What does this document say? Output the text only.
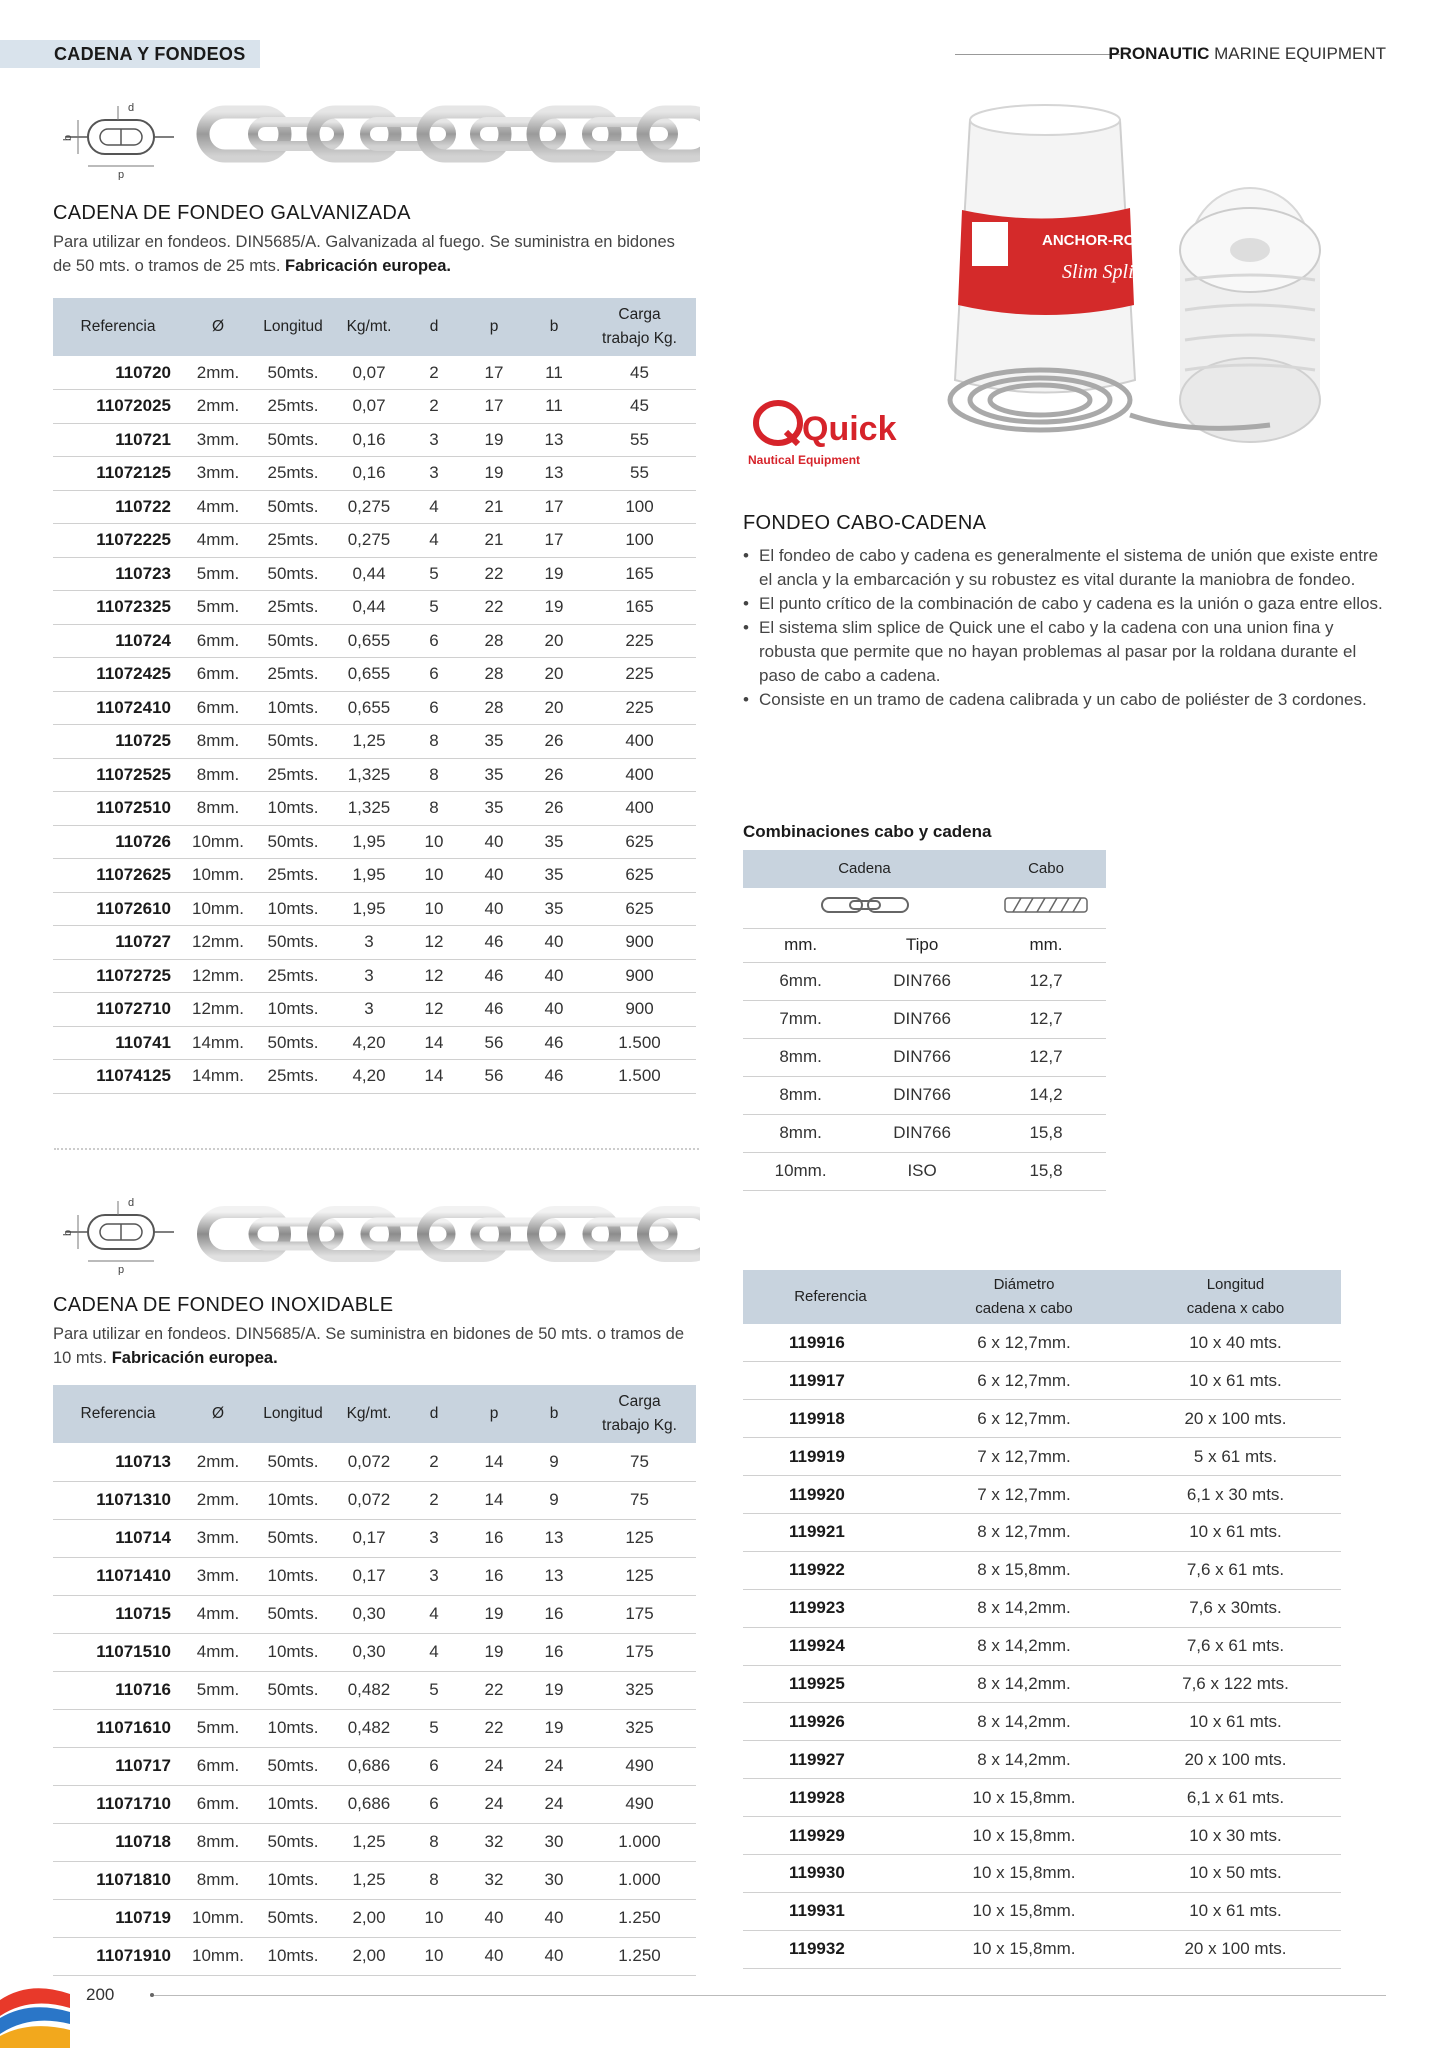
CADENA Y FONDEOS	PRONAUTIC MARINE EQUIPMENT
b
p
d
CADENA DE FONDEO GALVANIZADA
Para utilizar en fondeos. DIN5685/A. Galvanizada al fuego. Se suministra en bidones de 50 mts. o tramos de 25 mts. Fabricación europea.
Referencia	Ø	Longitud	Kg/mt.	d	p	b	Carga
trabajo Kg.
110720	2mm.	50mts.	0,07	2	17	11	45
11072025	2mm.	25mts.	0,07	2	17	11	45
110721	3mm.	50mts.	0,16	3	19	13	55
11072125	3mm.	25mts.	0,16	3	19	13	55
110722	4mm.	50mts.	0,275	4	21	17	100
11072225	4mm.	25mts.	0,275	4	21	17	100
110723	5mm.	50mts.	0,44	5	22	19	165
11072325	5mm.	25mts.	0,44	5	22	19	165
110724	6mm.	50mts.	0,655	6	28	20	225
11072425	6mm.	25mts.	0,655	6	28	20	225
11072410	6mm.	10mts.	0,655	6	28	20	225
110725	8mm.	50mts.	1,25	8	35	26	400
11072525	8mm.	25mts.	1,325	8	35	26	400
11072510	8mm.	10mts.	1,325	8	35	26	400
110726	10mm.	50mts.	1,95	10	40	35	625
11072625	10mm.	25mts.	1,95	10	40	35	625
11072610	10mm.	10mts.	1,95	10	40	35	625
110727	12mm.	50mts.	3	12	46	40	900
11072725	12mm.	25mts.	3	12	46	40	900
11072710	12mm.	10mts.	3	12	46	40	900
110741	14mm.	50mts.	4,20	14	56	46	1.500
11074125	14mm.	25mts.	4,20	14	56	46	1.500
b
p
d
CADENA DE FONDEO INOXIDABLE
Para utilizar en fondeos. DIN5685/A. Se suministra en bidones de 50 mts. o tramos de 10 mts. Fabricación europea.
Referencia	Ø	Longitud	Kg/mt.	d	p	b	Carga
trabajo Kg.
110713	2mm.	50mts.	0,072	2	14	9	75
11071310	2mm.	10mts.	0,072	2	14	9	75
110714	3mm.	50mts.	0,17	3	16	13	125
11071410	3mm.	10mts.	0,17	3	16	13	125
110715	4mm.	50mts.	0,30	4	19	16	175
11071510	4mm.	10mts.	0,30	4	19	16	175
110716	5mm.	50mts.	0,482	5	22	19	325
11071610	5mm.	10mts.	0,482	5	22	19	325
110717	6mm.	50mts.	0,686	6	24	24	490
11071710	6mm.	10mts.	0,686	6	24	24	490
110718	8mm.	50mts.	1,25	8	32	30	1.000
11071810	8mm.	10mts.	1,25	8	32	30	1.000
110719	10mm.	50mts.	2,00	10	40	40	1.250
11071910	10mm.	10mts.	2,00	10	40	40	1.250
Quick
Nautical Equipment
ANCHOR-RODE
Slim Splice
FONDEO CABO-CADENA
• El fondeo de cabo y cadena es generalmente el sistema de unión que existe entre el ancla y la embarcación y su robustez es vital durante la maniobra de fondeo.
• El punto crítico de la combinación de cabo y cadena es la unión o gaza entre ellos.
• El sistema slim splice de Quick une el cabo y la cadena con una union fina y robusta que permite que no hayan problemas al pasar por la roldana durante el paso de cabo a cadena.
• Consiste en un tramo de cadena calibrada y un cabo de poliéster de 3 cordones.
Combinaciones cabo y cadena
Cadena		Cabo

mm.	Tipo	mm.
6mm.	DIN766	12,7
7mm.	DIN766	12,7
8mm.	DIN766	12,7
8mm.	DIN766	14,2
8mm.	DIN766	15,8
10mm.	ISO	15,8
Referencia	Diámetro
cadena x cabo	Longitud
cadena x cabo
119916	6 x 12,7mm.	10 x 40 mts.
119917	6 x 12,7mm.	10 x 61 mts.
119918	6 x 12,7mm.	20 x 100 mts.
119919	7 x 12,7mm.	5 x 61 mts.
119920	7 x 12,7mm.	6,1 x 30 mts.
119921	8 x 12,7mm.	10 x 61 mts.
119922	8 x 15,8mm.	7,6 x 61 mts.
119923	8 x 14,2mm.	7,6 x 30mts.
119924	8 x 14,2mm.	7,6 x 61 mts.
119925	8 x 14,2mm.	7,6 x 122 mts.
119926	8 x 14,2mm.	10 x 61 mts.
119927	8 x 14,2mm.	20 x 100 mts.
119928	10 x 15,8mm.	6,1 x 61 mts.
119929	10 x 15,8mm.	10 x 30 mts.
119930	10 x 15,8mm.	10 x 50 mts.
119931	10 x 15,8mm.	10 x 61 mts.
119932	10 x 15,8mm.	20 x 100 mts.
200
